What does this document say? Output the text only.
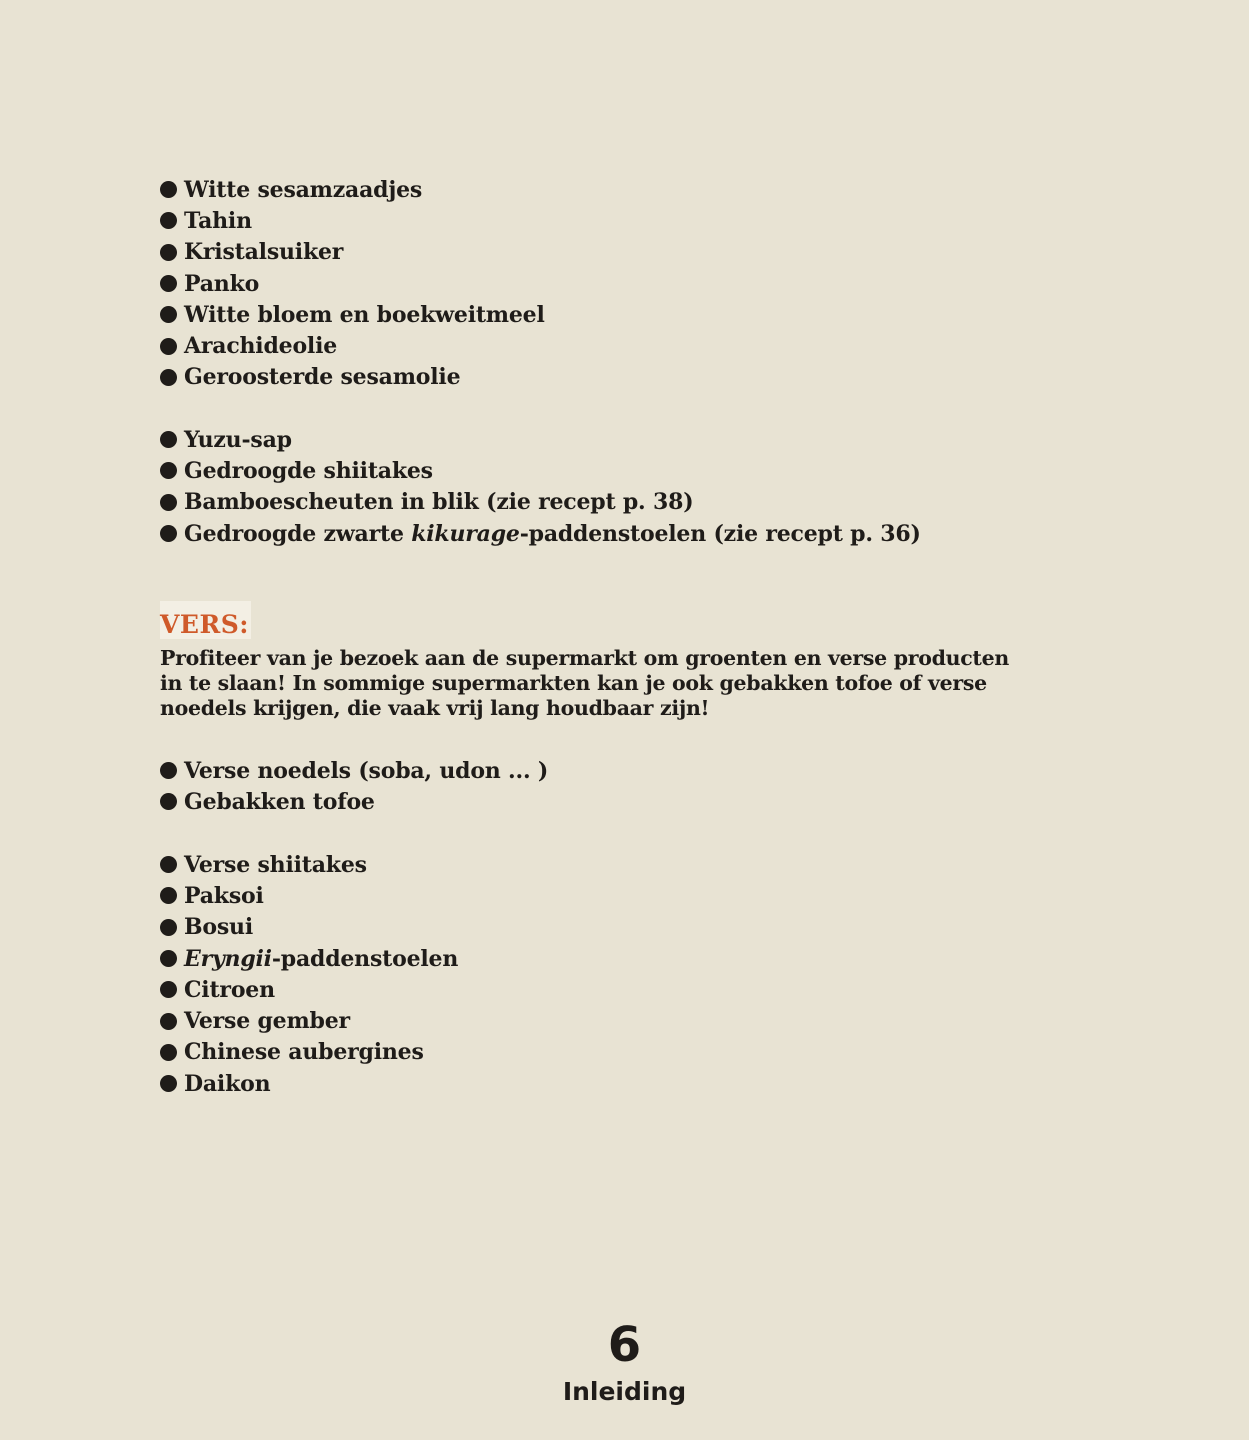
Witte sesamzaadjes
Tahin
Kristalsuiker
Panko
Witte bloem en boekweitmeel
Arachideolie
Geroosterde sesamolie
Yuzu-sap
Gedroogde shiitakes
Bamboescheuten in blik (zie recept p. 38)
Gedroogde zwarte kikurage-paddenstoelen (zie recept p. 36)
VERS:

Profiteer van je bezoek aan de supermarkt om groenten en verse producten in te slaan! In sommige supermarkten kan je ook gebakken tofoe of verse noedels krijgen, die vaak vrij lang houdbaar zijn!

Verse noedels (soba, udon ... )
Gebakken tofoe
Verse shiitakes
Paksoi
Bosui
Eryngii-paddenstoelen
Citroen
Verse gember
Chinese aubergines
Daikon
6
Inleiding
